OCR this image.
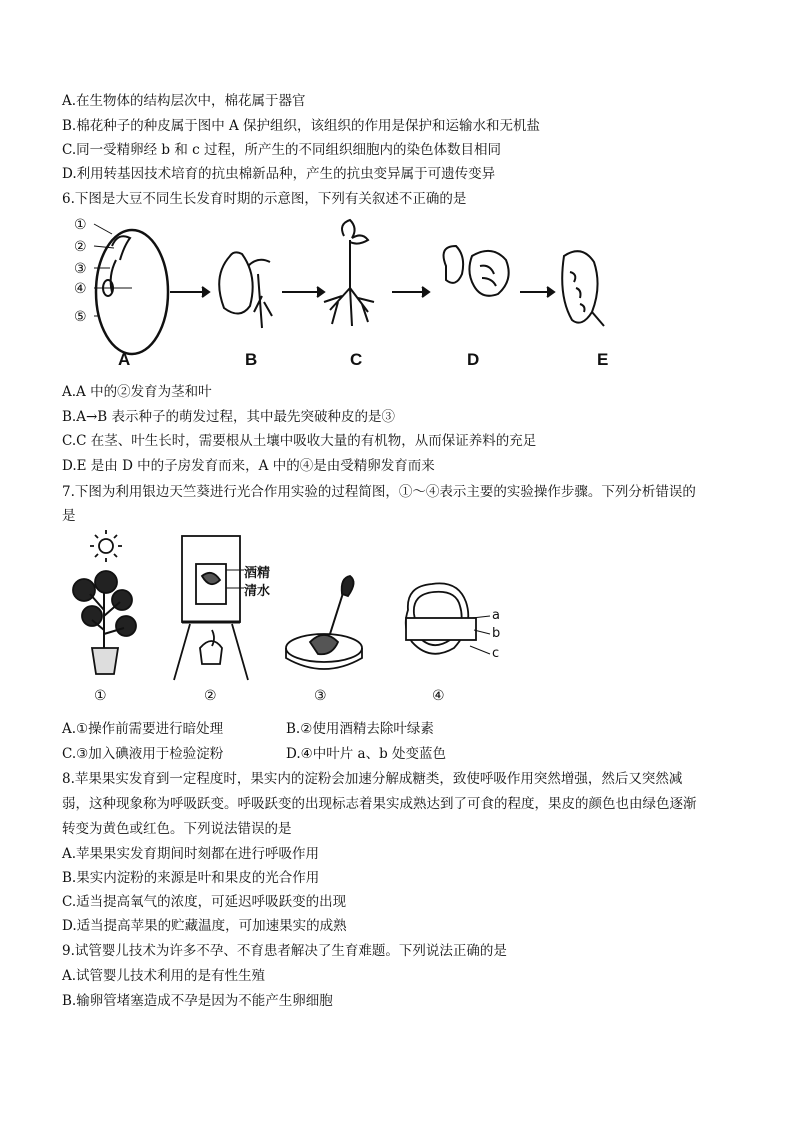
A.在生物体的结构层次中，棉花属于器官
B.棉花种子的种皮属于图中 A 保护组织，该组织的作用是保护和运输水和无机盐
C.同一受精卵经 b 和 c 过程，所产生的不同组织细胞内的染色体数目相同
D.利用转基因技术培育的抗虫棉新品种，产生的抗虫变异属于可遗传变异
6.下图是大豆不同生长发育时期的示意图，下列有关叙述不正确的是
①
②
③
④
⑤
A	B	C	D	E
A.A 中的②发育为茎和叶
B.A→B 表示种子的萌发过程，其中最先突破种皮的是③
C.C 在茎、叶生长时，需要根从土壤中吸收大量的有机物，从而保证养料的充足
D.E 是由 D 中的子房发育而来，A 中的④是由受精卵发育而来
7.下图为利用银边天竺葵进行光合作用实验的过程简图，①～④表示主要的实验操作步骤。下列分析错误的
是
①	②	③	④
酒精
清水
a
b
c
A.①操作前需要进行暗处理	B.②使用酒精去除叶绿素
C.③加入碘液用于检验淀粉	D.④中叶片 a、b 处变蓝色
8.苹果果实发育到一定程度时，果实内的淀粉会加速分解成糖类，致使呼吸作用突然增强，然后又突然减
弱，这种现象称为呼吸跃变。呼吸跃变的出现标志着果实成熟达到了可食的程度，果皮的颜色也由绿色逐渐
转变为黄色或红色。下列说法错误的是
A.苹果果实发育期间时刻都在进行呼吸作用
B.果实内淀粉的来源是叶和果皮的光合作用
C.适当提高氧气的浓度，可延迟呼吸跃变的出现
D.适当提高苹果的贮藏温度，可加速果实的成熟
9.试管婴儿技术为许多不孕、不育患者解决了生育难题。下列说法正确的是
A.试管婴儿技术利用的是有性生殖
B.输卵管堵塞造成不孕是因为不能产生卵细胞
